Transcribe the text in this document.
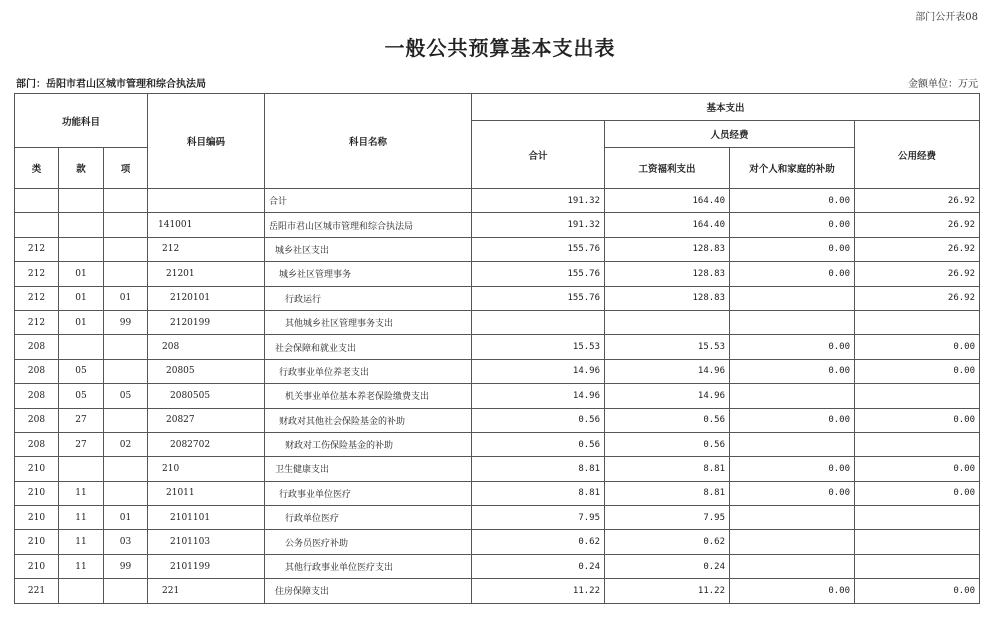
部门公开表08
一般公共预算基本支出表
部门：岳阳市君山区城市管理和综合执法局	金额单位：万元
功能科目			科目编码	科目名称	基本支出			
					合计	人员经费		公用经费
类	款	项				工资福利支出	对个人和家庭的补助	
				合计	191.32	164.40	0.00	26.92
			141001	岳阳市君山区城市管理和综合执法局	191.32	164.40	0.00	26.92
212			212	城乡社区支出	155.76	128.83	0.00	26.92
212	01		21201	城乡社区管理事务	155.76	128.83	0.00	26.92
212	01	01	2120101	行政运行	155.76	128.83		26.92
212	01	99	2120199	其他城乡社区管理事务支出				
208			208	社会保障和就业支出	15.53	15.53	0.00	0.00
208	05		20805	行政事业单位养老支出	14.96	14.96	0.00	0.00
208	05	05	2080505	机关事业单位基本养老保险缴费支出	14.96	14.96		
208	27		20827	财政对其他社会保险基金的补助	0.56	0.56	0.00	0.00
208	27	02	2082702	财政对工伤保险基金的补助	0.56	0.56		
210			210	卫生健康支出	8.81	8.81	0.00	0.00
210	11		21011	行政事业单位医疗	8.81	8.81	0.00	0.00
210	11	01	2101101	行政单位医疗	7.95	7.95		
210	11	03	2101103	公务员医疗补助	0.62	0.62		
210	11	99	2101199	其他行政事业单位医疗支出	0.24	0.24		
221			221	住房保障支出	11.22	11.22	0.00	0.00
